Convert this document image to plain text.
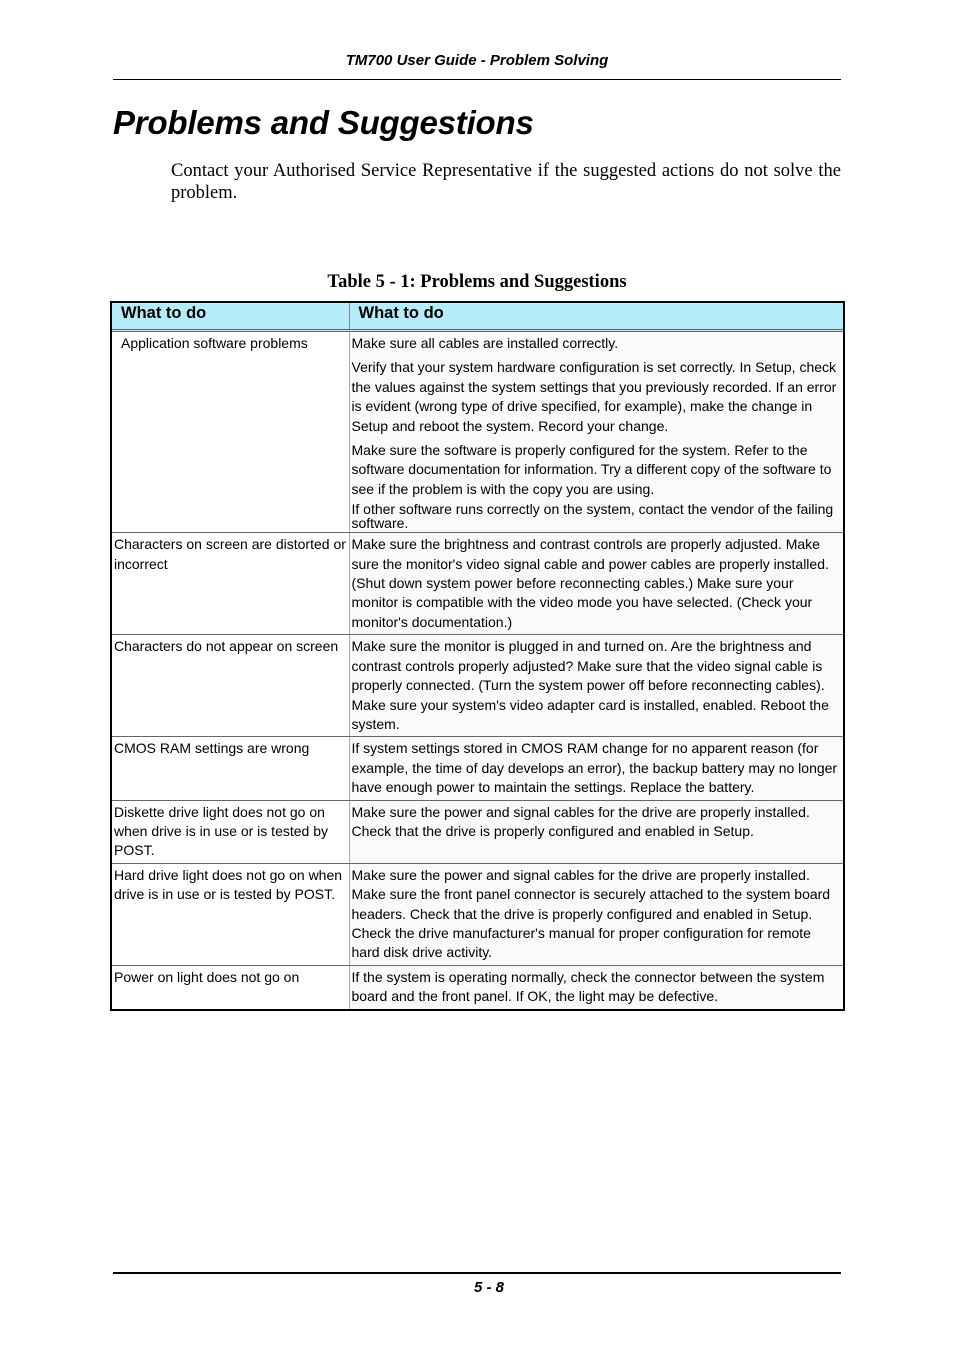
TM700 User Guide - Problem Solving
Problems and Suggestions

Contact your Authorised Service Representative if the suggested actions do not solve the problem.

Table 5 - 1: Problems and Suggestions
What to do	What to do
Application software problems	Make sure all cables are installed correctly.

Verify that your system hardware configuration is set correctly. In Setup, check the values against the system settings that you previously recorded. If an error is evident (wrong type of drive specified, for example), make the change in Setup and reboot the system. Record your change.

Make sure the software is properly configured for the system. Refer to the software documentation for information. Try a different copy of the software to see if the problem is with the copy you are using.

If other software runs correctly on the system, contact the vendor of the failing software.

Characters on screen are distorted or incorrect	Make sure the brightness and contrast controls are properly adjusted. Make sure the monitor's video signal cable and power cables are properly installed. (Shut down system power before reconnecting cables.) Make sure your monitor is compatible with the video mode you have selected. (Check your monitor's documentation.)

Characters do not appear on screen	Make sure the monitor is plugged in and turned on. Are the brightness and contrast controls properly adjusted? Make sure that the video signal cable is properly connected. (Turn the system power off before reconnecting cables). Make sure your system's video adapter card is installed, enabled. Reboot the system.

CMOS RAM settings are wrong	If system settings stored in CMOS RAM change for no apparent reason (for example, the time of day develops an error), the backup battery may no longer have enough power to maintain the settings. Replace the battery.

Diskette drive light does not go on when drive is in use or is tested by POST.	Make sure the power and signal cables for the drive are properly installed. Check that the drive is properly configured and enabled in Setup.

Hard drive light does not go on when drive is in use or is tested by POST.	Make sure the power and signal cables for the drive are properly installed. Make sure the front panel connector is securely attached to the system board headers. Check that the drive is properly configured and enabled in Setup. Check the drive manufacturer's manual for proper configuration for remote hard disk drive activity.

Power on light does not go on	If the system is operating normally, check the connector between the system board and the front panel. If OK, the light may be defective.

5 - 8
